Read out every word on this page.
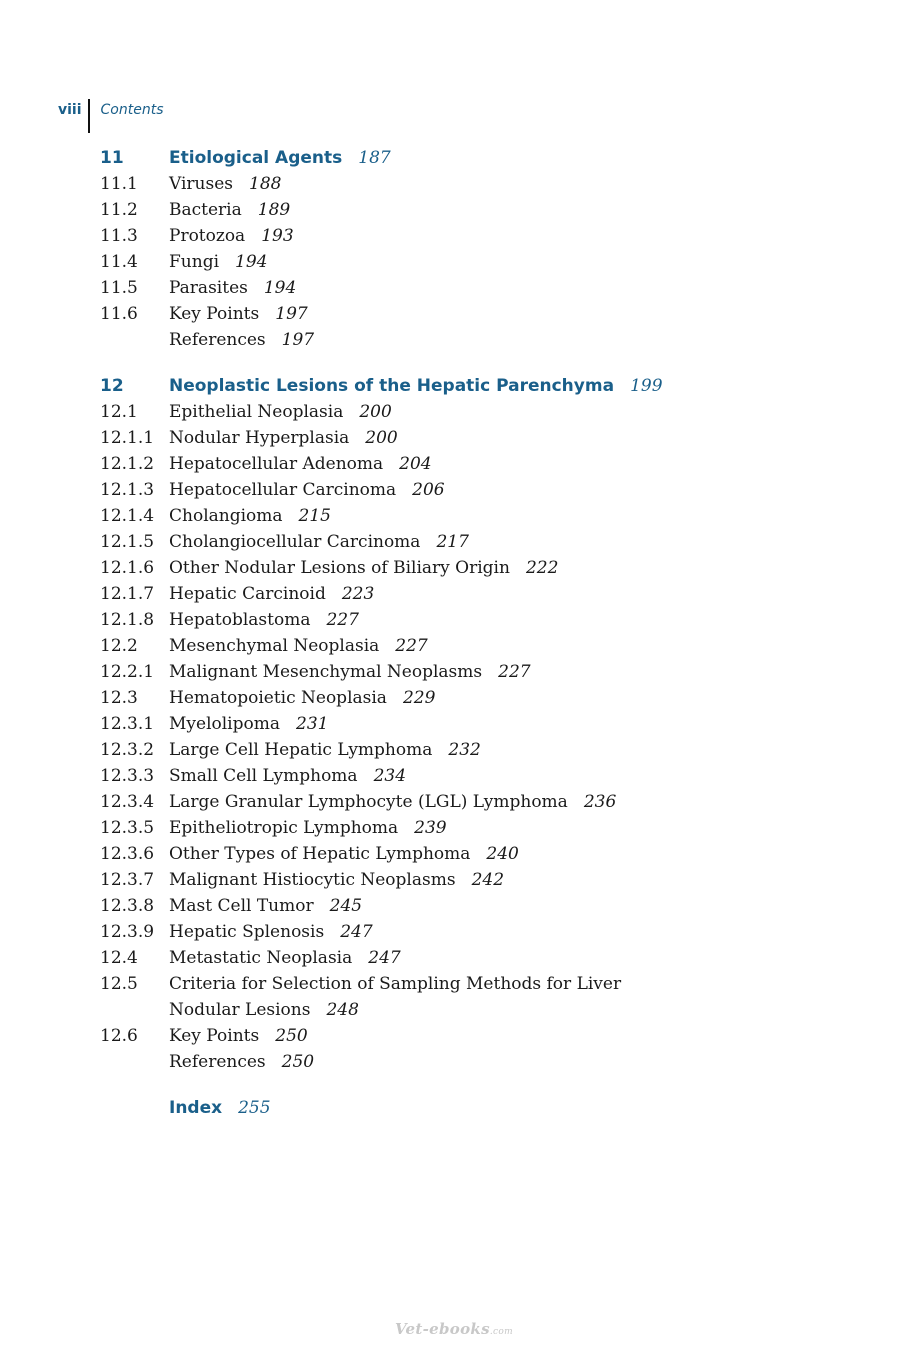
viii	Contents
11	Etiological Agents 187
11.1	Viruses 188
11.2	Bacteria 189
11.3	Protozoa 193
11.4	Fungi 194
11.5	Parasites 194
11.6	Key Points 197
References 197
12	Neoplastic Lesions of the Hepatic Parenchyma 199
12.1	Epithelial Neoplasia 200
12.1.1 Nodular Hyperplasia 200
12.1.2 Hepatocellular Adenoma 204
12.1.3 Hepatocellular Carcinoma 206
12.1.4 Cholangioma 215
12.1.5 Cholangiocellular Carcinoma 217
12.1.6 Other Nodular Lesions of Biliary Origin 222
12.1.7 Hepatic Carcinoid 223
12.1.8 Hepatoblastoma 227
12.2	Mesenchymal Neoplasia 227
12.2.1 Malignant Mesenchymal Neoplasms 227
12.3	Hematopoietic Neoplasia 229
12.3.1 Myelolipoma 231
12.3.2 Large Cell Hepatic Lymphoma 232
12.3.3 Small Cell Lymphoma 234
12.3.4 Large Granular Lymphocyte (LGL) Lymphoma 236
12.3.5 Epitheliotropic Lymphoma 239
12.3.6 Other Types of Hepatic Lymphoma 240
12.3.7 Malignant Histiocytic Neoplasms 242
12.3.8 Mast Cell Tumor 245
12.3.9 Hepatic Splenosis 247
12.4	Metastatic Neoplasia 247
12.5	Criteria for Selection of Sampling Methods for Liver Nodular Lesions 248
12.6	Key Points 250
References 250
Index 255
Vet-ebooks.com
